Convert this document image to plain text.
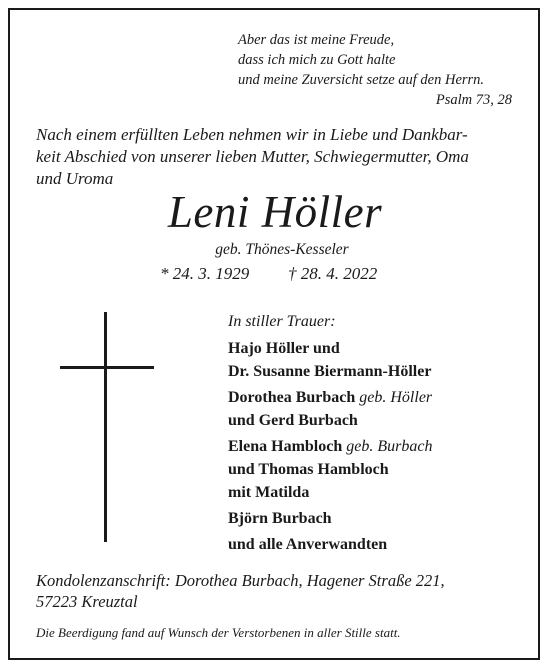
Aber das ist meine Freude,
dass ich mich zu Gott halte
und meine Zuversicht setze auf den Herrn.
Psalm 73, 28
Nach einem erfüllten Leben nehmen wir in Liebe und Dankbar-
keit Abschied von unserer lieben Mutter, Schwiegermutter, Oma
und Uroma
Leni Höller
geb. Thönes-Kesseler
* 24. 3. 1929 † 28. 4. 2022
In stiller Trauer:
Hajo Höller und
Dr. Susanne Biermann-Höller
Dorothea Burbach geb. Höller
und Gerd Burbach
Elena Hambloch geb. Burbach
und Thomas Hambloch
mit Matilda
Björn Burbach
und alle Anverwandten
Kondolenzanschrift: Dorothea Burbach, Hagener Straße 221,
57223 Kreuztal
Die Beerdigung fand auf Wunsch der Verstorbenen in aller Stille statt.
